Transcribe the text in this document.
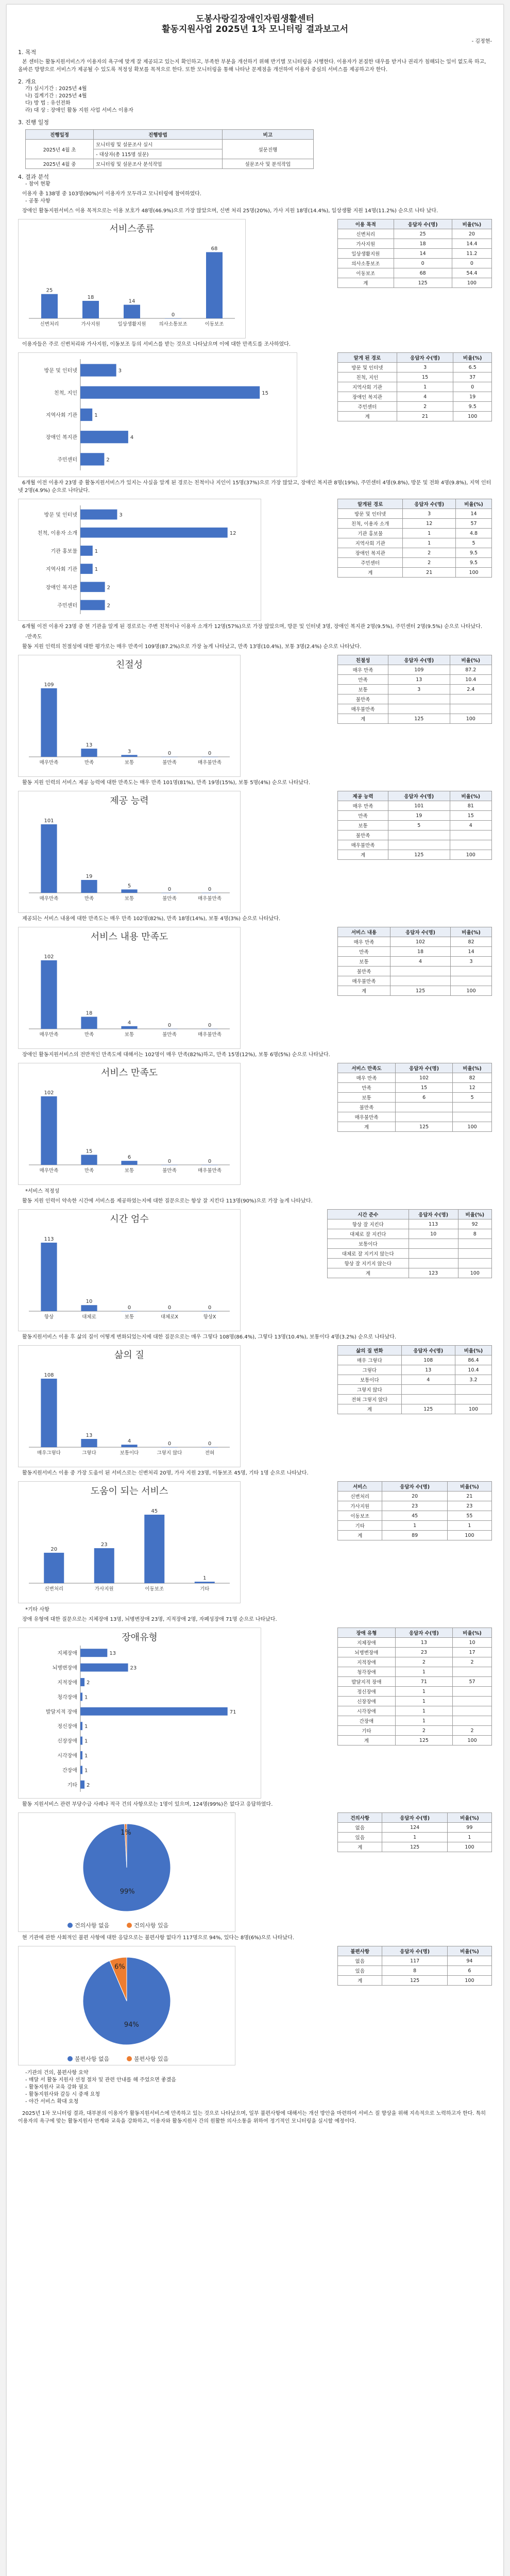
도봉사랑길장애인자립생활센터
활동지원사업 2025년 1차 모니터링 결과보고서
- 김정현-
1. 목적
본 센터는 활동지원서비스가 이용자의 욕구에 맞게 잘 제공되고 있는지 확인하고, 부족한 부분을 개선하기 위해 반기별 모니터링을 시행한다. 이용자가 본질한 대우를 받거나 권리가 침해되는 일이 없도록 하고, 올바른 방향으로 서비스가 제공될 수 있도록 적정성 확보를 목적으로 한다. 또한 모니터링을 통해 나타난 문제점을 개선하여 이용자 중심의 서비스를 제공하고자 한다.
2. 개요
가) 실시기간 : 2025년 4월
나) 집계기간 : 2025년 4월
다) 방 법 : 유선전화
라) 대 상 : 장애인 활동 지원 사업 서비스 이용자
3. 진행 일정
진행일정	진행방법	비고
2025년 4월 초	모니터링 및 설문조사 실시	설문진행
	- 대상자(총 115명 설문)	
2025년 4월 중	모니터링 및 설문조사 분석작업	설문조사 및 분석작업
4. 결과 분석
- 참여 현황
이용자 총 138명 중 103명(90%)이 이용자가 모두라고 모니터링에 참여하였다.
- 공통 사항
장애인 활동지원서비스 이용 목적으로는 이용 보호가 48명(46.9%)으로 가장 많았으며, 신변 처리 25명(20%), 가사 지원 18명(14.4%), 일상생활 지원 14명(11.2%) 순으로 나타 났다.
서비스종류
25
신변처리
18
가사지원
14
일상생활지원
0
의사소통보조
68
이동보조
이용 목적	응답자 수(명)	비율(%)
신변처리	25	20
가사지원	18	14.4
일상생활지원	14	11.2
의사소통보조	0	0
이동보조	68	54.4
계	125	100
이용자들은 주로 신변처리와 가사지원, 이동보조 등의 서비스를 받는 것으로 나타났으며 이에 대한 만족도를 조사하였다.
방문 및 인터넷	3
친척, 지인	15
지역사회 기관	1
장애인 복지관	4
주민센터	2
알게 된 경로	응답자 수(명)	비율(%)
방문 및 인터넷	3	6.5
친척, 지인	15	37
지역사회 기관	1	0
장애인 복지관	4	19
주민센터	2	9.5
계	21	100
6개월 이전 이용자 23명 중 활동지원서비스가 있지는 사실을 알게 된 경로는 친척이나 지인이 15명(37%)으로 가장 많았고, 장애인 복지관 8명(19%), 주민센터 4명(9.8%), 방문 및 전화 4명(9.8%), 지역 인터넷 2명(4.9%) 순으로 나타났다.
방문 및 인터넷	3
친척, 이용자 소개	12
기관 홍보물	1
지역사회 기관	1
장애인 복지관	2
주민센터	2
알게된 경로	응답자 수(명)	비율(%)
방문 및 인터넷	3	14
친척, 이용자 소개	12	57
기관 홍보물	1	4.8
지역사회 기관	1	5
장애인 복지관	2	9.5
주민센터	2	9.5
계	21	100
6개월 이전 이용자 23명 중 현 기관을 알게 된 경로로는 주변 친척이나 이용자 소개가 12명(57%)으로 가장 많았으며, 방문 및 인터넷 3명, 장애인 복지관 2명(9.5%), 주민센터 2명(9.5%) 순으로 나타났다.
-만족도
활동 지원 인력의 친절성에 대한 평가로는 매우 만족이 109명(87.2%)으로 가장 높게 나타났고, 만족 13명(10.4%), 보통 3명(2.4%) 순으로 나타났다.
친절성
109
매우만족
13
만족
3
보통
0
불만족
0
매우불만족
친절성	응답자 수(명)	비율(%)
매우 만족	109	87.2
만족	13	10.4
보통	3	2.4
불만족		
매우불만족		
계	125	100
활동 지원 인력의 서비스 제공 능력에 대한 만족도는 매우 만족 101명(81%), 만족 19명(15%), 보통 5명(4%) 순으로 나타났다.
제공 능력
101
매우만족
19
만족
5
보통
0
불만족
0
매우불만족
제공 능력	응답자 수(명)	비율(%)
매우 만족	101	81
만족	19	15
보통	5	4
불만족		
매우불만족		
계	125	100
제공되는 서비스 내용에 대한 만족도는 매우 만족 102명(82%), 만족 18명(14%), 보통 4명(3%) 순으로 나타났다.
서비스 내용 만족도
102
매우만족
18
만족
4
보통
0
불만족
0
매우불만족
서비스 내용	응답자 수(명)	비율(%)
매우 만족	102	82
만족	18	14
보통	4	3
불만족		
매우불만족		
계	125	100
장애인 활동지원서비스의 전반적인 만족도에 대해서는 102명이 매우 만족(82%)하고, 만족 15명(12%), 보통 6명(5%) 순으로 나타났다.
서비스 만족도
102
매우만족
15
만족
6
보통
0
불만족
0
매우불만족
서비스 만족도	응답자 수(명)	비율(%)
매우 만족	102	82
만족	15	12
보통	6	5
불만족		
매우불만족		
계	125	100
*서비스 적정성
활동 지원 인력이 약속한 시간에 서비스를 제공하였는지에 대한 질문으로는 항상 잘 지킨다 113명(90%)으로 가장 높게 나타났다.
시간 엄수
113
항상
10
대체로
0
보통
0
대체로X
0
항상X
시간 준수	응답자 수(명)	비율(%)
항상 잘 지킨다	113	92
대체로 잘 지킨다	10	8
보통이다		
대체로 잘 지키지 않는다		
항상 잘 지키지 않는다		
계	123	100
활동지원서비스 이용 후 삶의 질이 어떻게 변화되었는지에 대한 질문으로는 매우 그렇다 108명(86.4%), 그렇다 13명(10.4%), 보통이다 4명(3.2%) 순으로 나타났다.
삶의 질
108
매우그렇다
13
그렇다
4
보통이다
0
그렇지 않다
0
전혀
삶의 질 변화	응답자 수(명)	비율(%)
매우 그렇다	108	86.4
그렇다	13	10.4
보통이다	4	3.2
그렇지 않다		
전혀 그렇지 않다		
계	125	100
활동지원서비스 이용 중 가장 도움이 된 서비스로는 신변처리 20명, 가사 지원 23명, 이동보조 45명, 기타 1명 순으로 나타났다.
도움이 되는 서비스
20
신변처리
23
가사지원
45
이동보조
1
기타
서비스	응답자 수(명)	비율(%)
신변처리	20	21
가사지원	23	23
이동보조	45	55
기타	1	1
계	89	100
*기타 사항
장애 유형에 대한 질문으로는 지체장애 13명, 뇌병변장애 23명, 지적장애 2명, 자폐성장애 71명 순으로 나타났다.
장애유형
지체장애	13
뇌병변장애	23
지적장애 2
청각장애 1
발달지적 장애	71
정신장애 1
신장장애 1
시각장애 1
간장애 1
기타 2
장애 유형	응답자 수(명)	비율(%)
지체장애	13	10
뇌병변장애	23	17
지적장애	2	2
청각장애	1	
발달지적 장애	71	57
정신장애	1	
신장장애	1	
시각장애	1	
간장애	1	
기타	2	2
계	125	100
활동 지원서비스 관련 부당수급 사례나 적극 건의 사항으로는 1명이 있으며, 124명(99%)은 없다고 응답하였다.
99%
1%
건의사항 없음	건의사항 있음
건의사항	응답자 수(명)	비율(%)
없음	124	99
있음	1	1
계	125	100
현 기관에 관한 사회적인 불편 사항에 대한 응답으로는 불편사항 없다가 117명으로 94%, 있다는 8명(6%)으로 나타났다.
94%
6%
불편사항 없음	불편사항 있음
불편사항	응답자 수(명)	비율(%)
없음	117	94
있음	8	6
계	125	100
-기관의 건의, 불편사항 요약
- 매달 서 활동 지원사 선정 절차 및 관련 안내를 해 주었으면 좋겠음
- 활동지원사 교육 강화 필요
- 활동지원사와 갈등 시 중재 요청
- 야간 서비스 확대 요청
2025년 1차 모니터링 결과, 대부분의 이용자가 활동지원서비스에 만족하고 있는 것으로 나타났으며, 일부 불편사항에 대해서는 개선 방안을 마련하여 서비스 질 향상을 위해 지속적으로 노력하고자 한다. 특히 이용자의 욕구에 맞는 활동지원사 연계와 교육을 강화하고, 이용자와 활동지원사 간의 원활한 의사소통을 위하여 정기적인 모니터링을 실시할 예정이다.
